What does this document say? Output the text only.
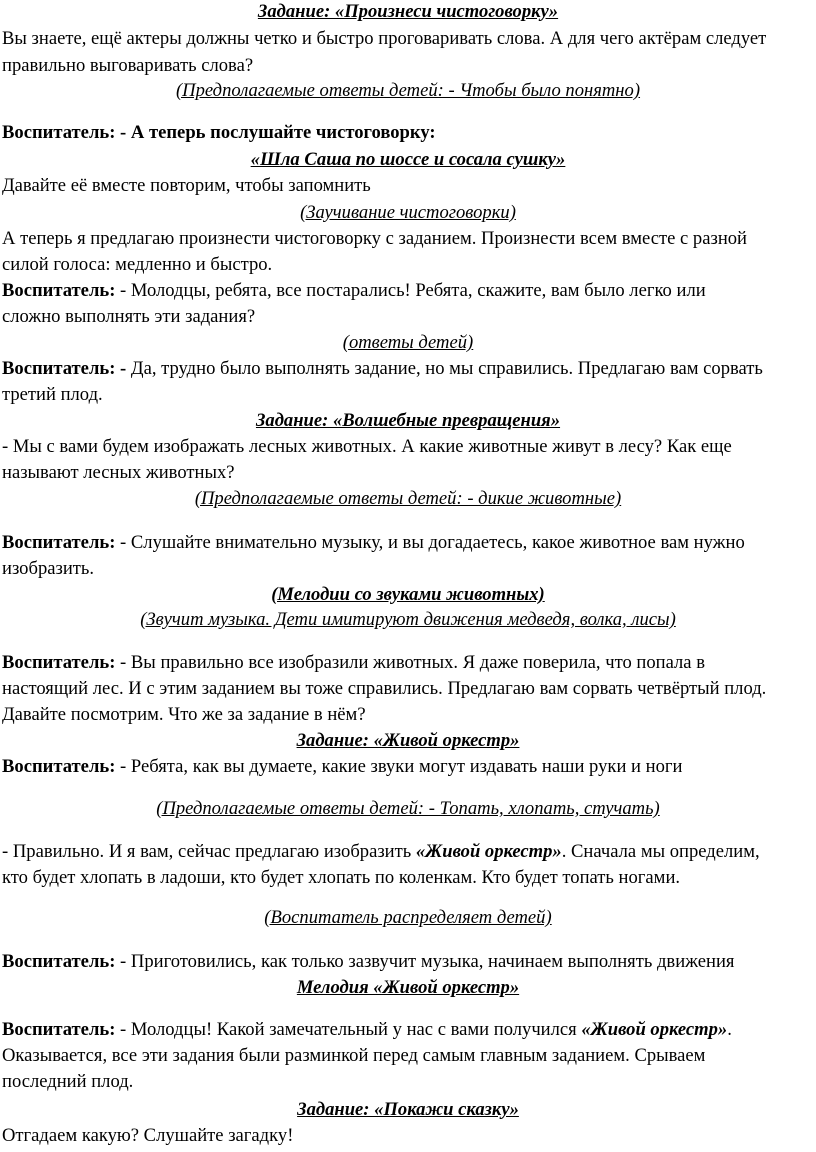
Задание: «Произнеси чистоговорку»
Вы знаете, ещё актеры должны четко и быстро проговаривать слова. А для чего актёрам следует
правильно выговаривать слова?
(Предполагаемые ответы детей: - Чтобы было понятно)
Воспитатель: - А теперь послушайте чистоговорку:
«Шла Саша по шоссе и сосала сушку»
Давайте её вместе повторим, чтобы запомнить
(Заучивание чистоговорки)
А теперь я предлагаю произнести чистоговорку с заданием. Произнести всем вместе с разной
силой голоса: медленно и быстро.
Воспитатель: - Молодцы, ребята, все постарались! Ребята, скажите, вам было легко или
сложно выполнять эти задания?
(ответы детей)
Воспитатель: - Да, трудно было выполнять задание, но мы справились. Предлагаю вам сорвать
третий плод.
Задание: «Волшебные превращения»
- Мы с вами будем изображать лесных животных. А какие животные живут в лесу? Как еще
называют лесных животных?
(Предполагаемые ответы детей: - дикие животные)
Воспитатель: - Слушайте внимательно музыку, и вы догадаетесь, какое животное вам нужно
изобразить.
(Мелодии со звуками животных)
(Звучит музыка. Дети имитируют движения медведя, волка, лисы)
Воспитатель: - Вы правильно все изобразили животных. Я даже поверила, что попала в
настоящий лес. И с этим заданием вы тоже справились. Предлагаю вам сорвать четвёртый плод.
Давайте посмотрим. Что же за задание в нём?
Задание: «Живой оркестр»
Воспитатель: - Ребята, как вы думаете, какие звуки могут издавать наши руки и ноги
(Предполагаемые ответы детей: - Топать, хлопать, стучать)
- Правильно. И я вам, сейчас предлагаю изобразить «Живой оркестр». Сначала мы определим,
кто будет хлопать в ладоши, кто будет хлопать по коленкам. Кто будет топать ногами.
(Воспитатель распределяет детей)
Воспитатель: - Приготовились, как только зазвучит музыка, начинаем выполнять движения
Мелодия «Живой оркестр»
Воспитатель: - Молодцы! Какой замечательный у нас с вами получился «Живой оркестр».
Оказывается, все эти задания были разминкой перед самым главным заданием. Срываем
последний плод.
Задание: «Покажи сказку»
Отгадаем какую? Слушайте загадку!
